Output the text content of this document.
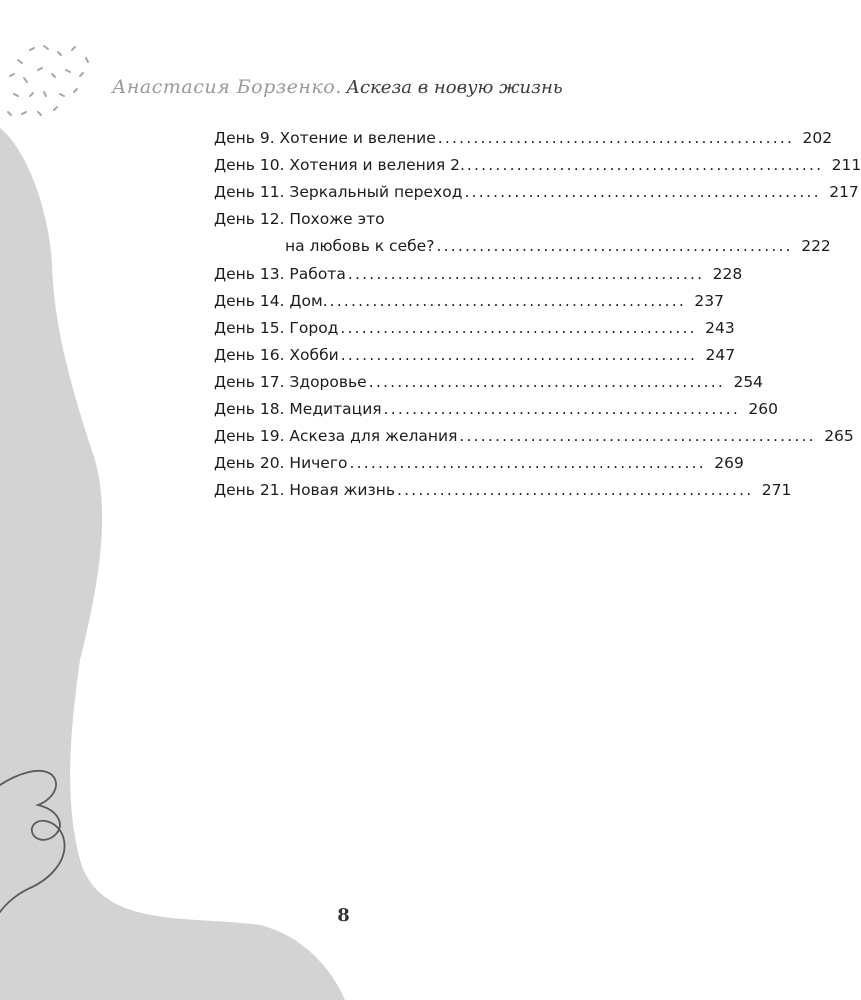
Анастасия Борзенко. Аскеза в новую жизнь
День 9. Хотение и веление .................................................. 202
День 10. Хотения и веления 2. .................................................. 211
День 11. Зеркальный переход .................................................. 217
День 12. Похоже это
на любовь к себе? .................................................. 222
День 13. Работа .................................................. 228
День 14. Дом. .................................................. 237
День 15. Город .................................................. 243
День 16. Хобби .................................................. 247
День 17. Здоровье .................................................. 254
День 18. Медитация .................................................. 260
День 19. Аскеза для желания .................................................. 265
День 20. Ничего .................................................. 269
День 21. Новая жизнь .................................................. 271
8
